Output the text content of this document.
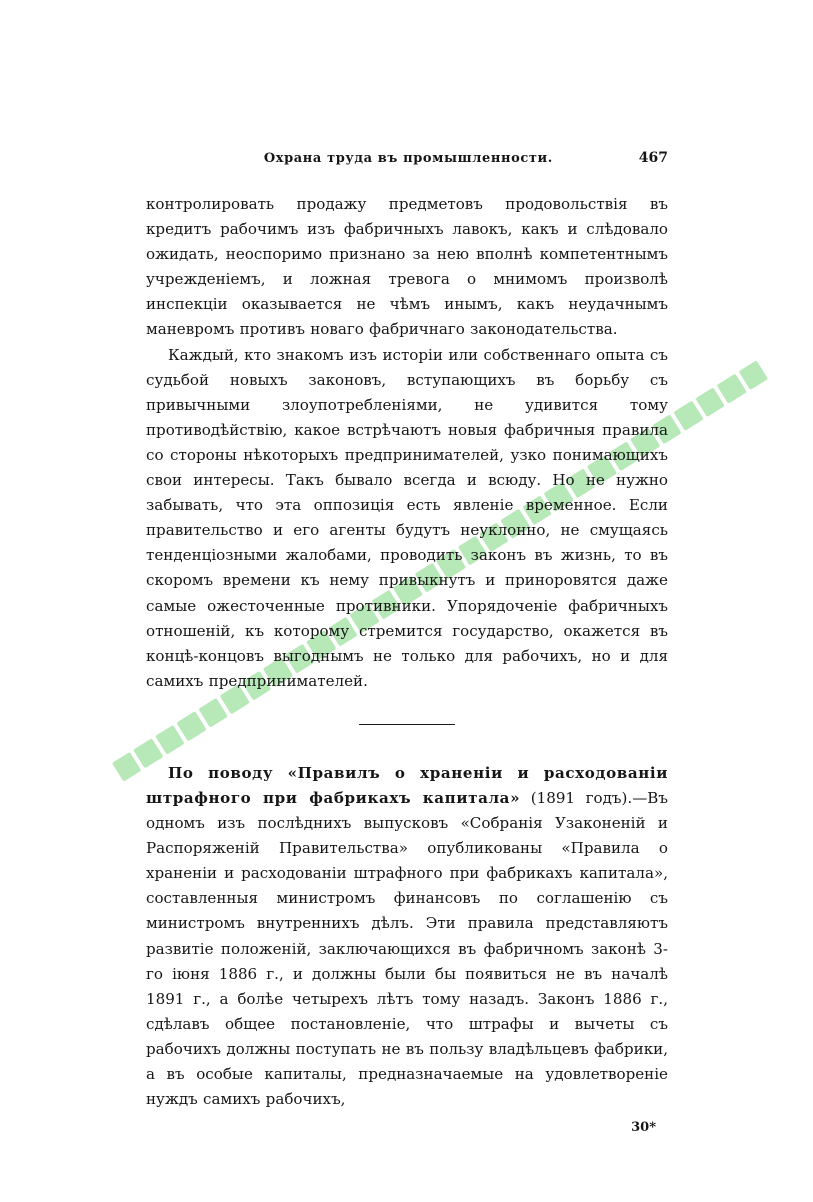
Охрана труда въ промышленности.	467

контролировать продажу предметовъ продовольствія въ кредитъ рабочимъ изъ фабричныхъ лавокъ, какъ и слѣдовало ожидать, неоспоримо признано за нею вполнѣ компетентнымъ учрежденіемъ, и ложная тревога о мнимомъ произволѣ инспекціи оказывается не чѣмъ инымъ, какъ неудачнымъ маневромъ противъ новаго фабричнаго законодательства.

Каждый, кто знакомъ изъ исторіи или собственнаго опыта съ судьбой новыхъ законовъ, вступающихъ въ борьбу съ привычными злоупотребленіями, не удивится тому противодѣйствію, какое встрѣчаютъ новыя фабричныя правила со стороны нѣкоторыхъ предпринимателей, узко понимающихъ свои интересы. Такъ бывало всегда и всюду. Но не нужно забывать, что эта оппозиція есть явленіе временное. Если правительство и его агенты будутъ неуклонно, не смущаясь тенденціозными жалобами, проводить законъ въ жизнь, то въ скоромъ времени къ нему привыкнутъ и приноровятся даже самые ожесточенные противники. Упорядоченіе фабричныхъ отношеній, къ которому стремится государство, окажется въ концѣ-концовъ выгоднымъ не только для рабочихъ, но и для самихъ предпринимателей.

По поводу «Правилъ о храненіи и расходованіи штрафного при фабрикахъ капитала» (1891 годъ).—Въ одномъ изъ послѣднихъ выпусковъ «Собранія Узаконеній и Распоряженій Правительства» опубликованы «Правила о храненіи и расходованіи штрафного при фабрикахъ капитала», составленныя министромъ финансовъ по соглашенію съ министромъ внутреннихъ дѣлъ. Эти правила представляютъ развитіе положеній, заключающихся въ фабричномъ законѣ 3-го іюня 1886 г., и должны были бы появиться не въ началѣ 1891 г., а болѣе четырехъ лѣтъ тому назадъ. Законъ 1886 г., сдѣлавъ общее постановленіе, что штрафы и вычеты съ рабочихъ должны поступать не въ пользу владѣльцевъ фабрики, а въ особые капиталы, предназначаемые на удовлетвореніе нуждъ самихъ рабочихъ,

30*
